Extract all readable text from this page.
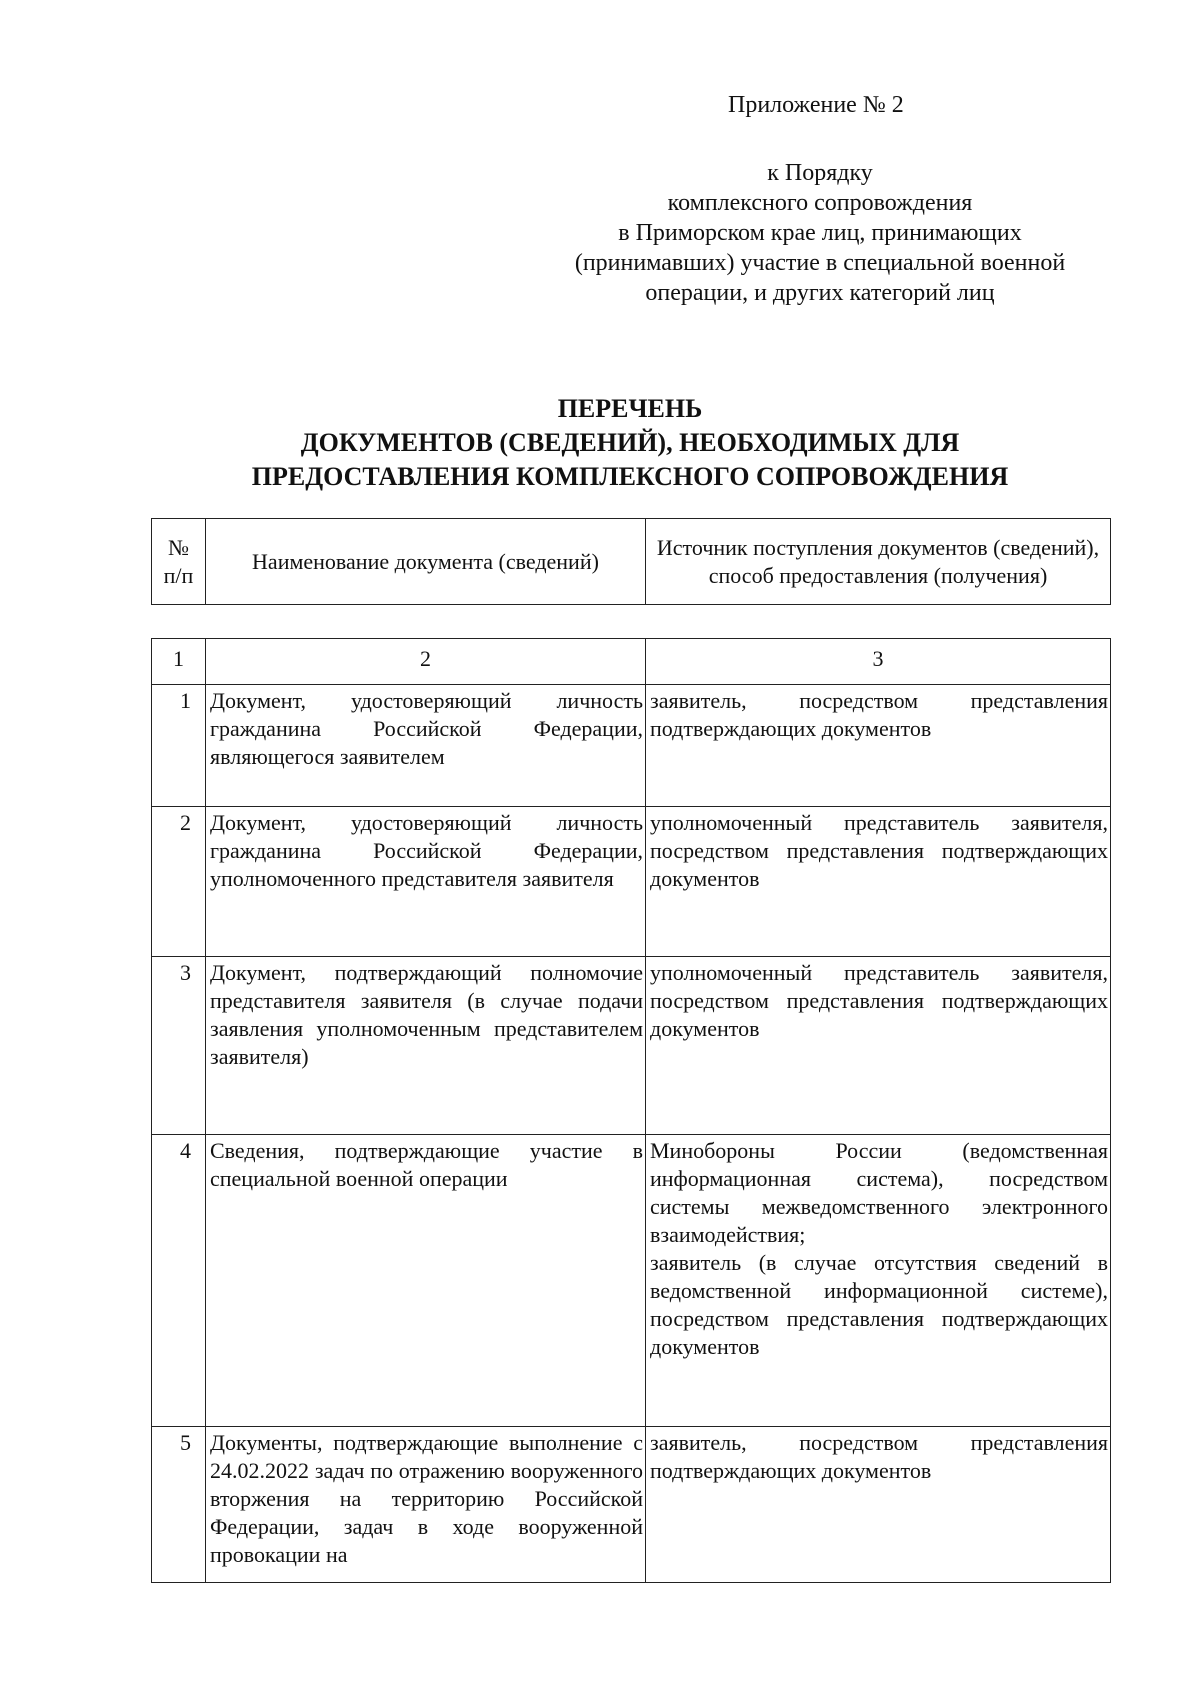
Приложение № 2
к Порядку
комплексного сопровождения
в Приморском крае лиц, принимающих
(принимавших) участие в специальной военной
операции, и других категорий лиц
ПЕРЕЧЕНЬ
ДОКУМЕНТОВ (СВЕДЕНИЙ), НЕОБХОДИМЫХ ДЛЯ
ПРЕДОСТАВЛЕНИЯ КОМПЛЕКСНОГО СОПРОВОЖДЕНИЯ
№ п/п	Наименование документа (сведений)	Источник поступления документов (сведений), способ предоставления (получения)
1	2	3
1	Документ, удостоверяющий личность гражданина Российской Федерации, являющегося заявителем	заявитель, посредством представления подтверждающих документов

2	Документ, удостоверяющий личность гражданина Российской Федерации, уполномоченного представителя заявителя	уполномоченный представитель заявителя, посредством представления подтверждающих документов

3	Документ, подтверждающий полномочие представителя заявителя (в случае подачи заявления уполномоченным представителем заявителя)	уполномоченный представитель заявителя, посредством представления подтверждающих документов

4	Сведения, подтверждающие участие в специальной военной операции	Минобороны России (ведомственная информационная система), посредством системы межведомственного электронного взаимодействия;
заявитель (в случае отсутствия сведений в ведомственной информационной системе), посредством представления подтверждающих документов

5	Документы, подтверждающие выполнение с 24.02.2022 задач по отражению вооруженного вторжения на территорию Российской Федерации, задач в ходе вооруженной провокации на	заявитель, посредством представления подтверждающих документов
